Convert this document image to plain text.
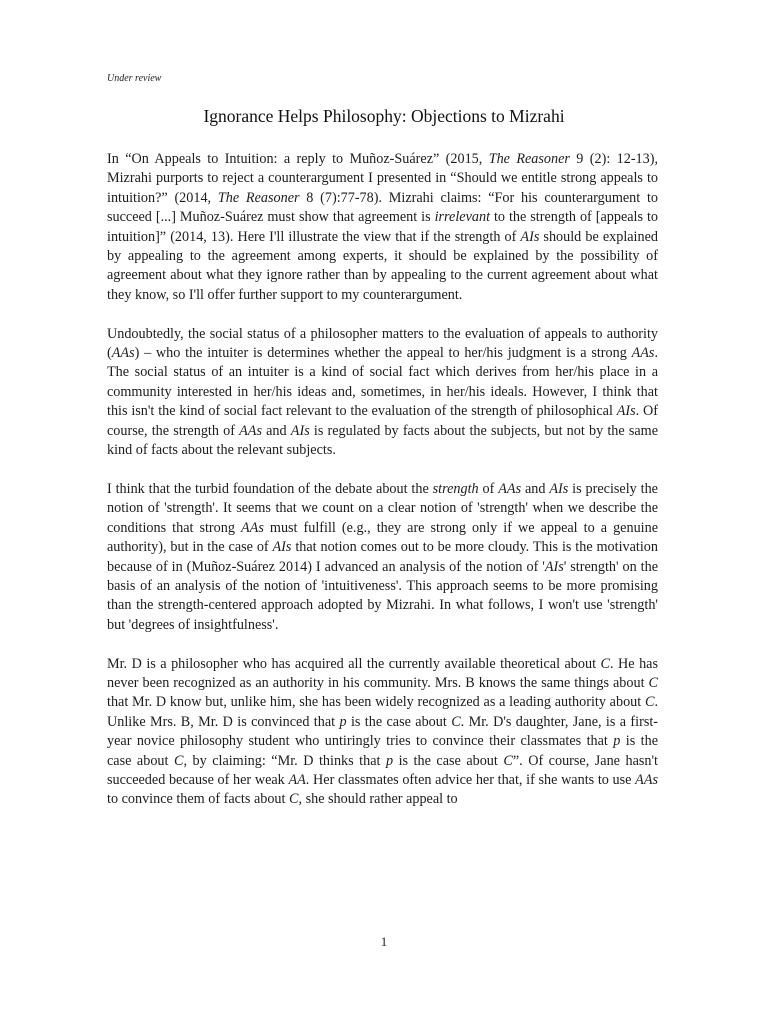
Under review
Ignorance Helps Philosophy: Objections to Mizrahi

In “On Appeals to Intuition: a reply to Muñoz-Suárez” (2015, The Reasoner 9 (2): 12-13), Mizrahi purports to reject a counterargument I presented in “Should we entitle strong appeals to intuition?” (2014, The Reasoner 8 (7):77-78). Mizrahi claims: “For his counterargument to succeed [...] Muñoz-Suárez must show that agreement is irrelevant to the strength of [appeals to intuition]” (2014, 13). Here I'll illustrate the view that if the strength of AIs should be explained by appealing to the agreement among experts, it should be explained by the possibility of agreement about what they ignore rather than by appealing to the current agreement about what they know, so I'll offer further support to my counterargument.

Undoubtedly, the social status of a philosopher matters to the evaluation of appeals to authority (AAs) – who the intuiter is determines whether the appeal to her/his judgment is a strong AAs. The social status of an intuiter is a kind of social fact which derives from her/his place in a community interested in her/his ideas and, sometimes, in her/his ideals. However, I think that this isn't the kind of social fact relevant to the evaluation of the strength of philosophical AIs. Of course, the strength of AAs and AIs is regulated by facts about the subjects, but not by the same kind of facts about the relevant subjects.

I think that the turbid foundation of the debate about the strength of AAs and AIs is precisely the notion of 'strength'. It seems that we count on a clear notion of 'strength' when we describe the conditions that strong AAs must fulfill (e.g., they are strong only if we appeal to a genuine authority), but in the case of AIs that notion comes out to be more cloudy. This is the motivation because of in (Muñoz-Suárez 2014) I advanced an analysis of the notion of 'AIs' strength' on the basis of an analysis of the notion of 'intuitiveness'. This approach seems to be more promising than the strength-centered approach adopted by Mizrahi. In what follows, I won't use 'strength' but 'degrees of insightfulness'.

Mr. D is a philosopher who has acquired all the currently available theoretical about C. He has never been recognized as an authority in his community. Mrs. B knows the same things about C that Mr. D know but, unlike him, she has been widely recognized as a leading authority about C. Unlike Mrs. B, Mr. D is convinced that p is the case about C. Mr. D's daughter, Jane, is a first-year novice philosophy student who untiringly tries to convince their classmates that p is the case about C, by claiming: “Mr. D thinks that p is the case about C”. Of course, Jane hasn't succeeded because of her weak AA. Her classmates often advice her that, if she wants to use AAs to convince them of facts about C, she should rather appeal to

1
